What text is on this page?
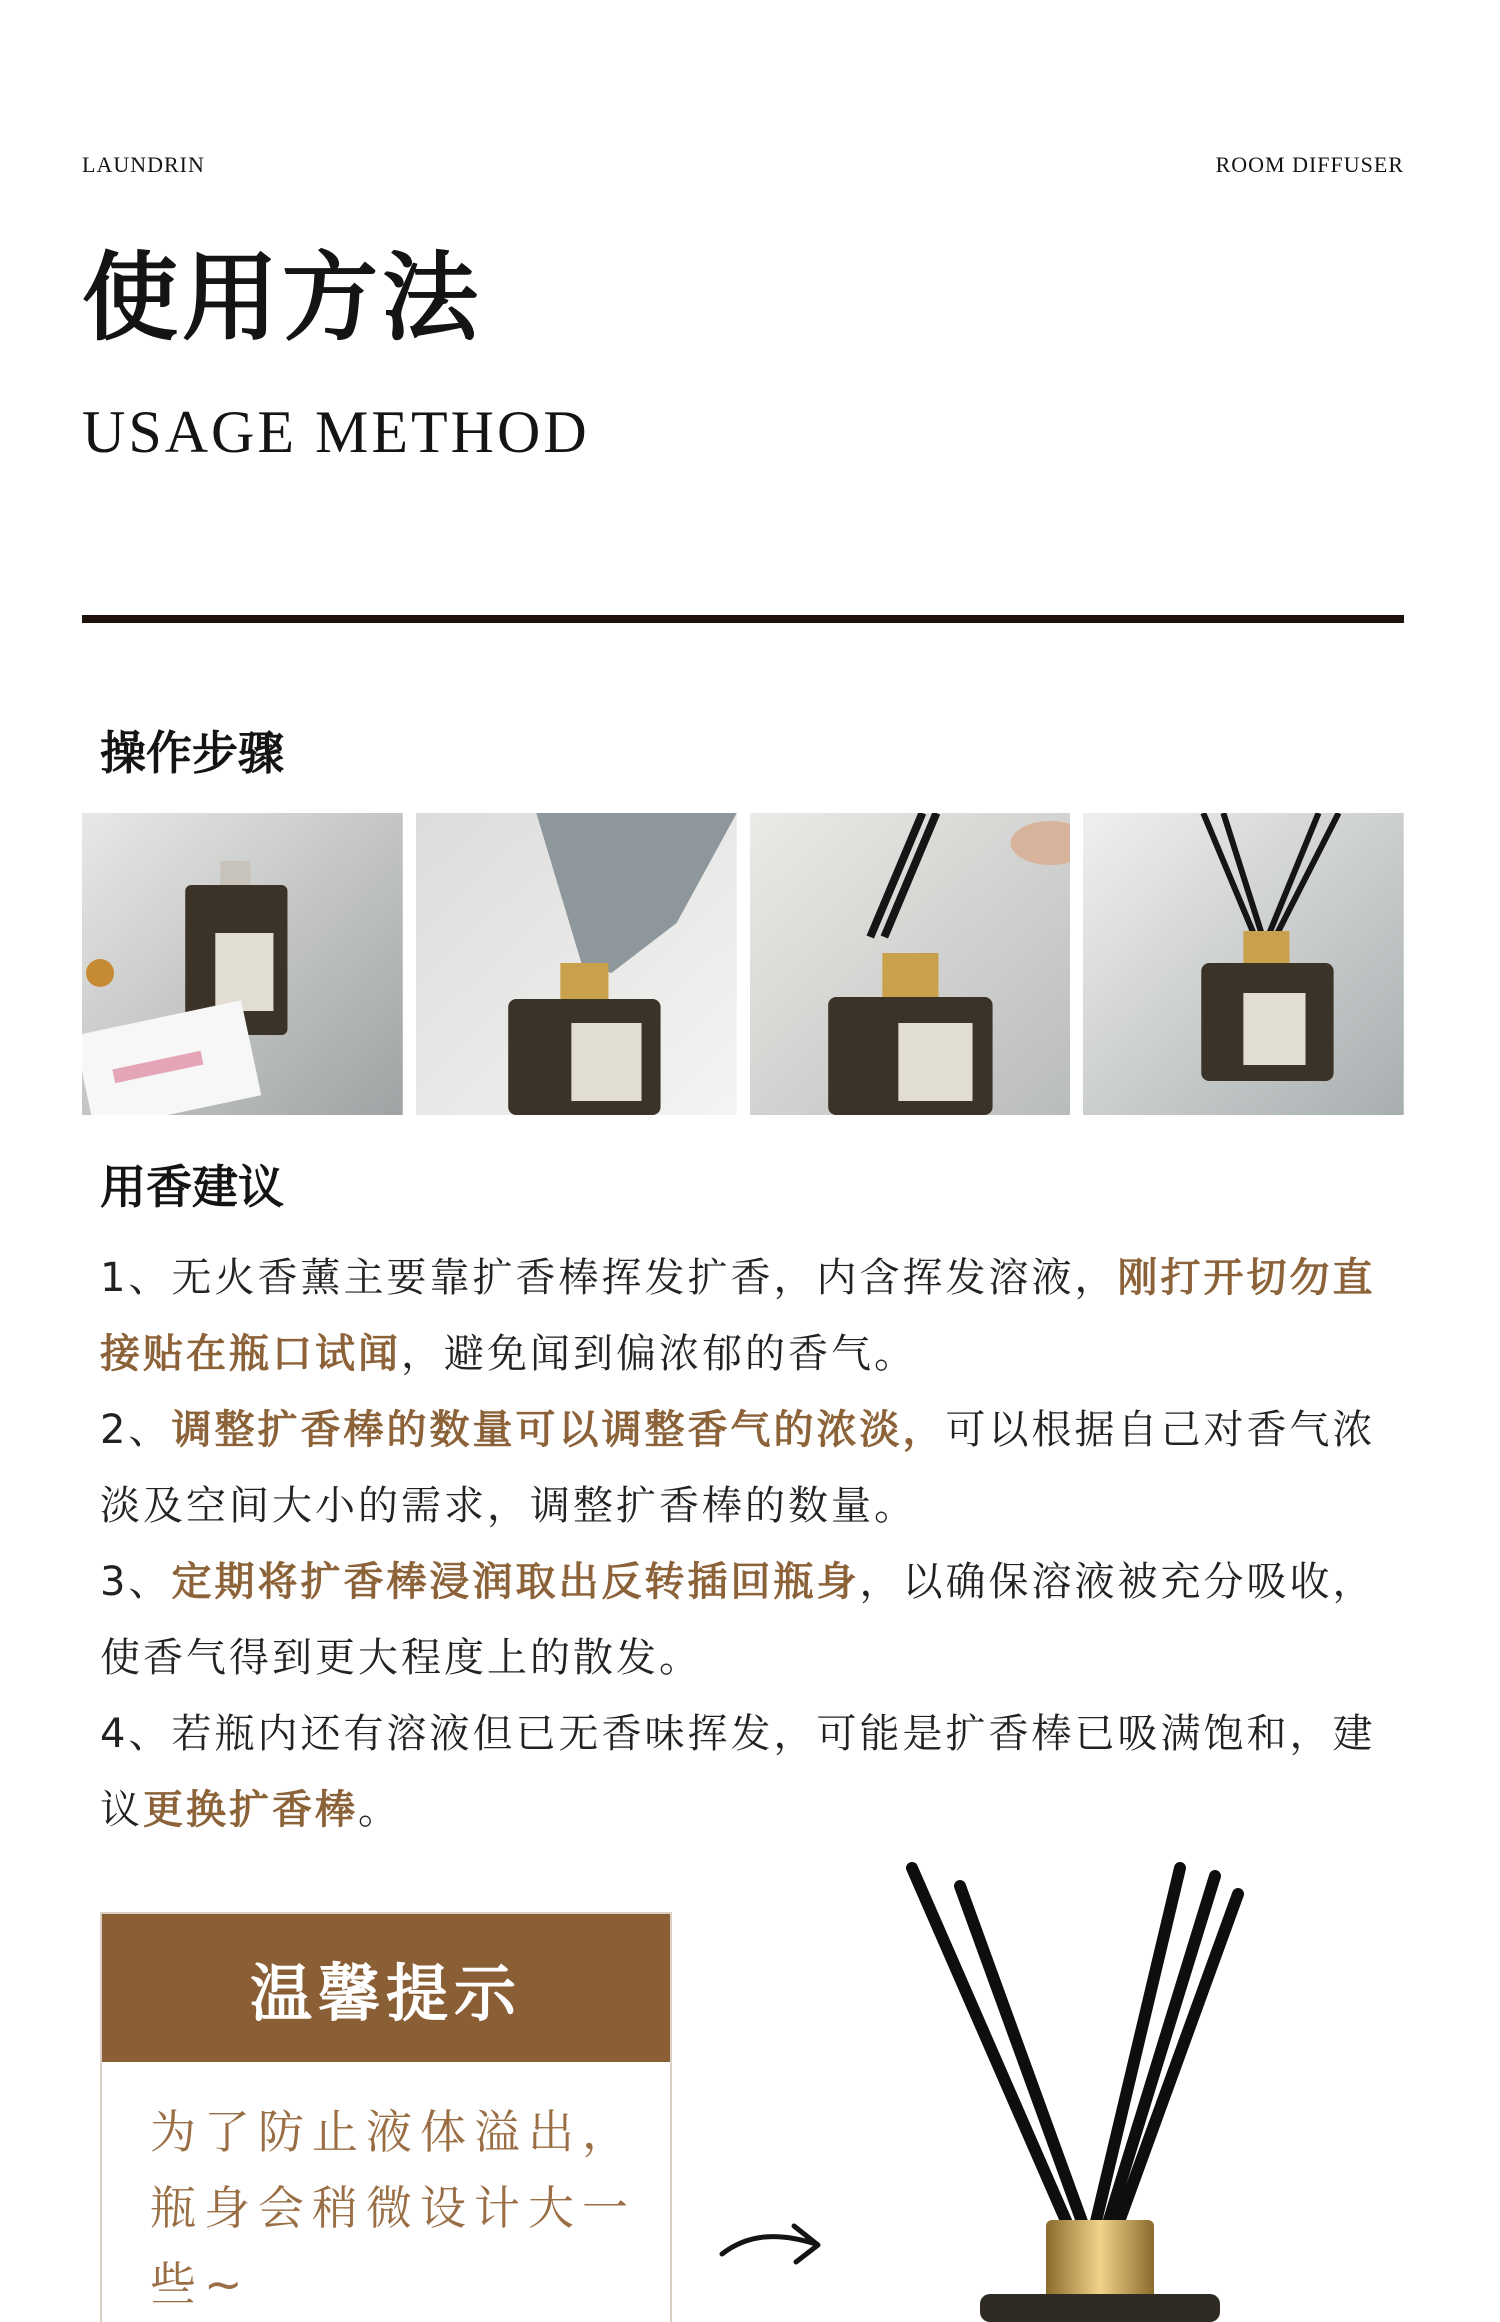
LAUNDRIN	ROOM DIFFUSER
使用方法
USAGE METHOD
操作步骤
用香建议

1、无火香薰主要靠扩香棒挥发扩香，内含挥发溶液，刚打开切勿直接贴在瓶口试闻，避免闻到偏浓郁的香气。

2、调整扩香棒的数量可以调整香气的浓淡，可以根据自己对香气浓淡及空间大小的需求，调整扩香棒的数量。

3、定期将扩香棒浸润取出反转插回瓶身，以确保溶液被充分吸收，使香气得到更大程度上的散发。

4、若瓶内还有溶液但已无香味挥发，可能是扩香棒已吸满饱和，建议更换扩香棒。

温馨提示
为了防止液体溢出，瓶身会稍微设计大一些~
